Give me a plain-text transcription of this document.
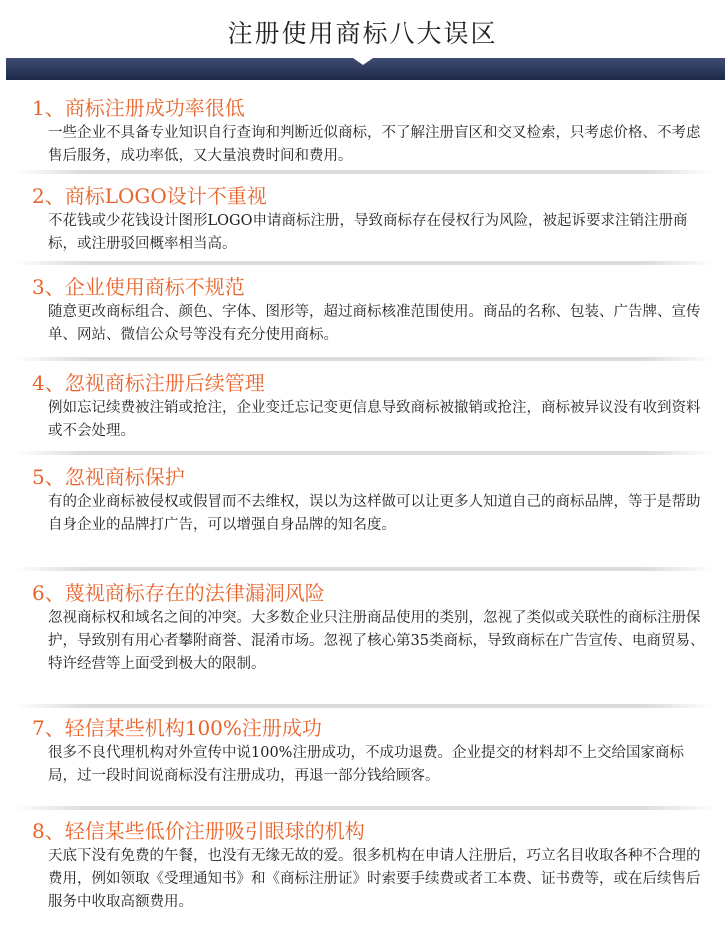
注册使用商标八大误区
1、商标注册成功率很低
一些企业不具备专业知识自行查询和判断近似商标，不了解注册盲区和交叉检索，只考虑价格、不考虑售后服务，成功率低，又大量浪费时间和费用。
2、商标LOGO设计不重视
不花钱或少花钱设计图形LOGO申请商标注册，导致商标存在侵权行为风险，被起诉要求注销注册商标，或注册驳回概率相当高。
3、企业使用商标不规范
随意更改商标组合、颜色、字体、图形等，超过商标核准范围使用。商品的名称、包装、广告牌、宣传单、网站、微信公众号等没有充分使用商标。
4、忽视商标注册后续管理
例如忘记续费被注销或抢注，企业变迁忘记变更信息导致商标被撤销或抢注，商标被异议没有收到资料或不会处理。
5、忽视商标保护
有的企业商标被侵权或假冒而不去维权，误以为这样做可以让更多人知道自己的商标品牌，等于是帮助自身企业的品牌打广告，可以增强自身品牌的知名度。
6、蔑视商标存在的法律漏洞风险
忽视商标权和域名之间的冲突。大多数企业只注册商品使用的类别，忽视了类似或关联性的商标注册保护，导致别有用心者攀附商誉、混淆市场。忽视了核心第35类商标，导致商标在广告宣传、电商贸易、特许经营等上面受到极大的限制。
7、轻信某些机构100%注册成功
很多不良代理机构对外宣传中说100%注册成功，不成功退费。企业提交的材料却不上交给国家商标局，过一段时间说商标没有注册成功，再退一部分钱给顾客。
8、轻信某些低价注册吸引眼球的机构
天底下没有免费的午餐，也没有无缘无故的爱。很多机构在申请人注册后，巧立名目收取各种不合理的费用，例如领取《受理通知书》和《商标注册证》时索要手续费或者工本费、证书费等，或在后续售后服务中收取高额费用。
